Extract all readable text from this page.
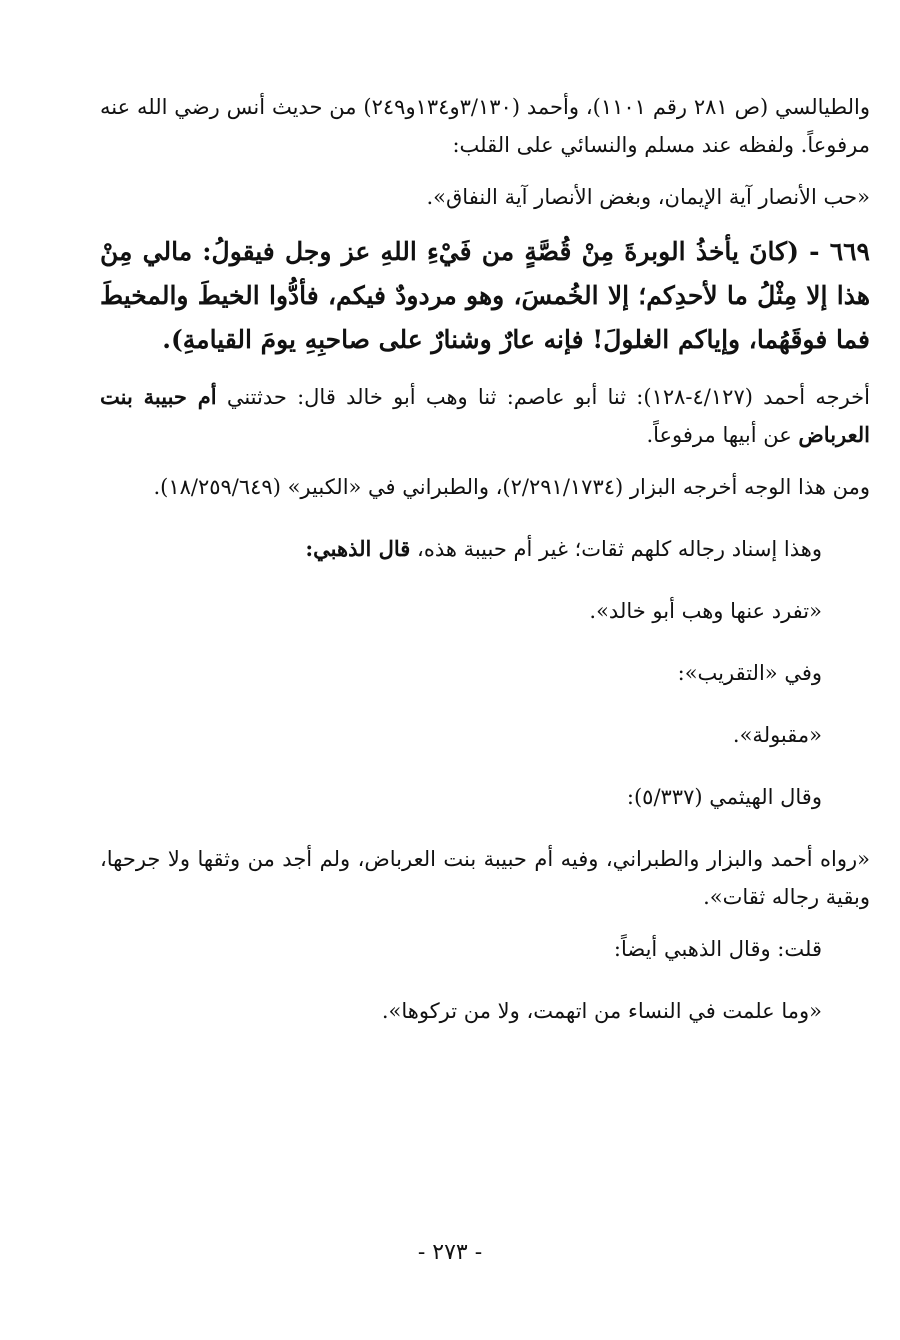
والطيالسي (ص ٢٨١ رقم ١١٠١)، وأحمد (٣/١٣٠و١٣٤و٢٤٩) من حديث أنس رضي الله عنه مرفوعاً. ولفظه عند مسلم والنسائي على القلب:

«حب الأنصار آية الإيمان، وبغض الأنصار آية النفاق».

٦٦٩ - (كانَ يأخذُ الوبرةَ مِنْ قُصَّةٍ من فَيْءِ اللهِ عز وجل فيقولُ: مالي مِنْ هذا إلا مِثْلُ ما لأحدِكم؛ إلا الخُمسَ، وهو مردودٌ فيكم، فأدُّوا الخيطَ والمخيطَ فما فوقَهُما، وإياكم الغلولَ! فإنه عارٌ وشنارٌ على صاحبِهِ يومَ القيامةِ).

أخرجه أحمد (٤/١٢٧-١٢٨): ثنا أبو عاصم: ثنا وهب أبو خالد قال: حدثتني أم حبيبة بنت العرباض عن أبيها مرفوعاً.

ومن هذا الوجه أخرجه البزار (٢/٢٩١/١٧٣٤)، والطبراني في «الكبير» (١٨/٢٥٩/٦٤٩).

وهذا إسناد رجاله كلهم ثقات؛ غير أم حبيبة هذه، قال الذهبي:

«تفرد عنها وهب أبو خالد».

وفي «التقريب»:

«مقبولة».

وقال الهيثمي (٥/٣٣٧):

«رواه أحمد والبزار والطبراني، وفيه أم حبيبة بنت العرباض، ولم أجد من وثقها ولا جرحها، وبقية رجاله ثقات».

قلت: وقال الذهبي أيضاً:

«وما علمت في النساء من اتهمت، ولا من تركوها».

- ٢٧٣ -
